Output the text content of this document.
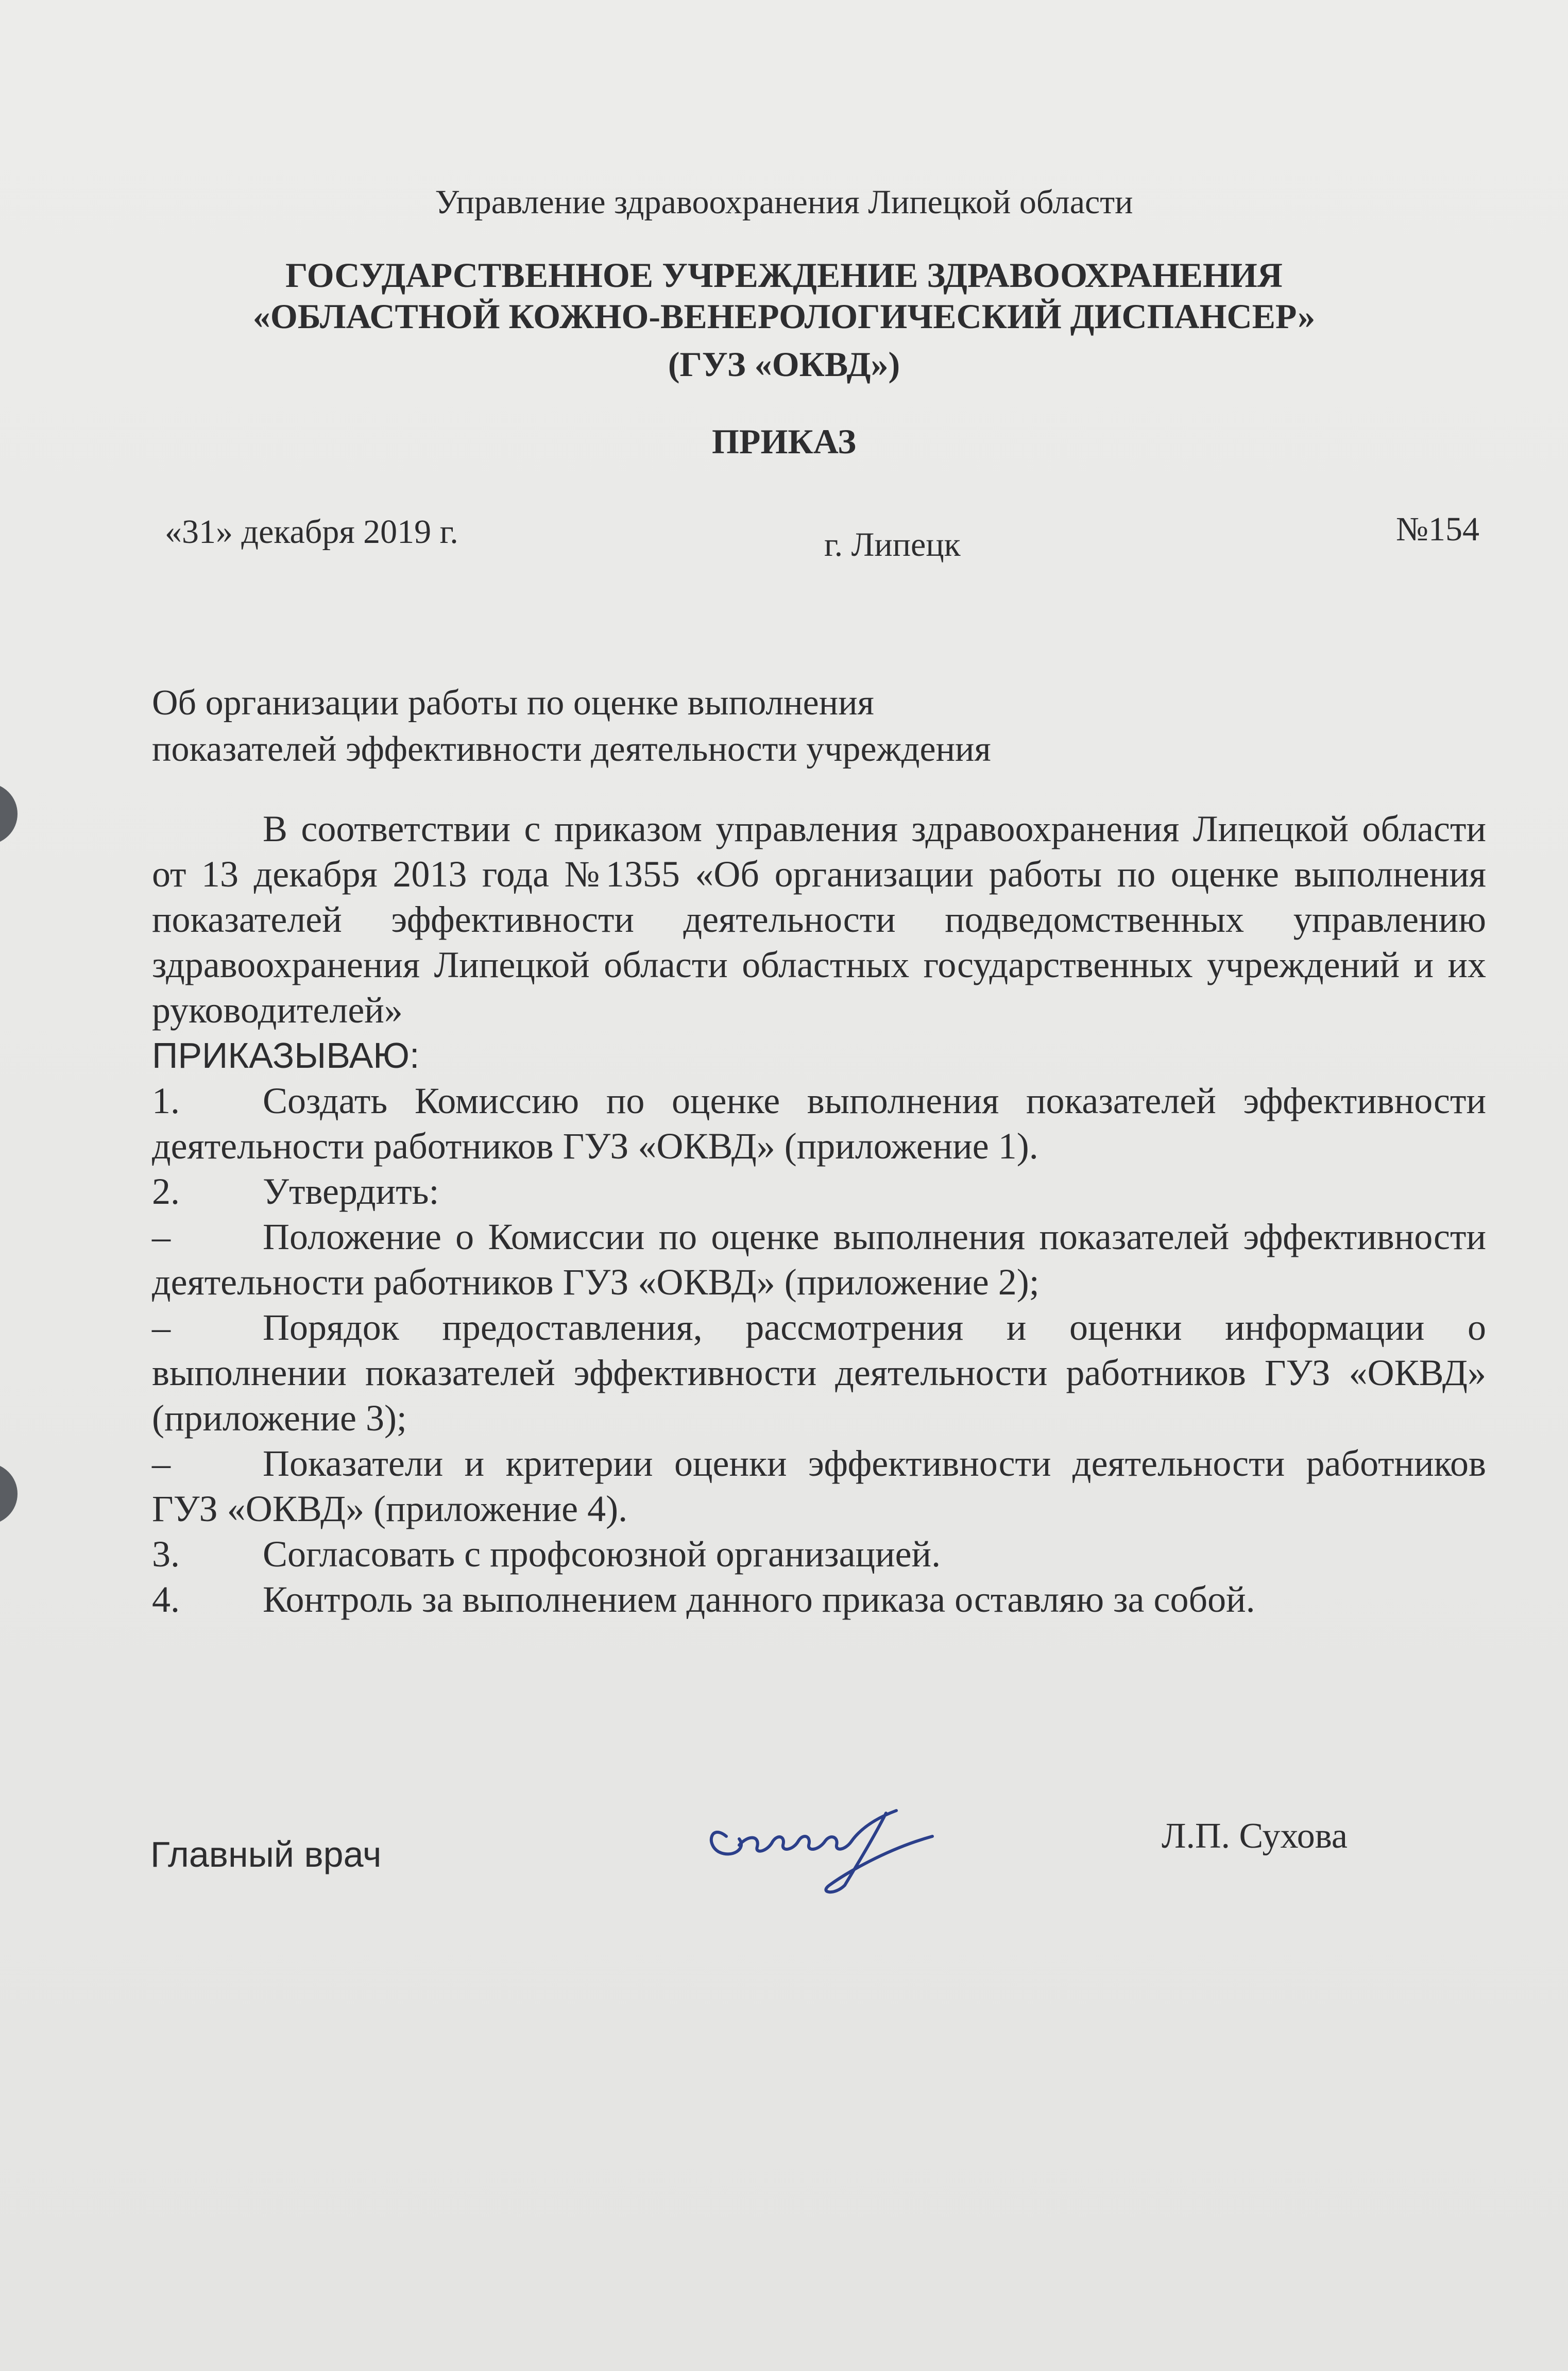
Управление здравоохранения Липецкой области
ГОСУДАРСТВЕННОЕ УЧРЕЖДЕНИЕ ЗДРАВООХРАНЕНИЯ
«ОБЛАСТНОЙ КОЖНО-ВЕНЕРОЛОГИЧЕСКИЙ ДИСПАНСЕР»
(ГУЗ «ОКВД»)
ПРИКАЗ
«31» декабря 2019 г.	г. Липецк	№154
Об организации работы по оценке выполнения
показателей эффективности деятельности учреждения

В соответствии с приказом управления здравоохранения Липецкой области от 13 декабря 2013 года №1355 «Об организации работы по оценке выполнения показателей эффективности деятельности подведомственных управлению здравоохранения Липецкой области областных государственных учреждений и их руководителей»

ПРИКАЗЫВАЮ:

1. Создать Комиссию по оценке выполнения показателей эффективности деятельности работников ГУЗ «ОКВД» (приложение 1).

2. Утвердить:

– Положение о Комиссии по оценке выполнения показателей эффективности деятельности работников ГУЗ «ОКВД» (приложение 2);

– Порядок предоставления, рассмотрения и оценки информации о выполнении показателей эффективности деятельности работников ГУЗ «ОКВД» (приложение 3);

– Показатели и критерии оценки эффективности деятельности работников ГУЗ «ОКВД» (приложение 4).

3. Согласовать с профсоюзной организацией.

4. Контроль за выполнением данного приказа оставляю за собой.

Главный врач	Л.П. Сухова
